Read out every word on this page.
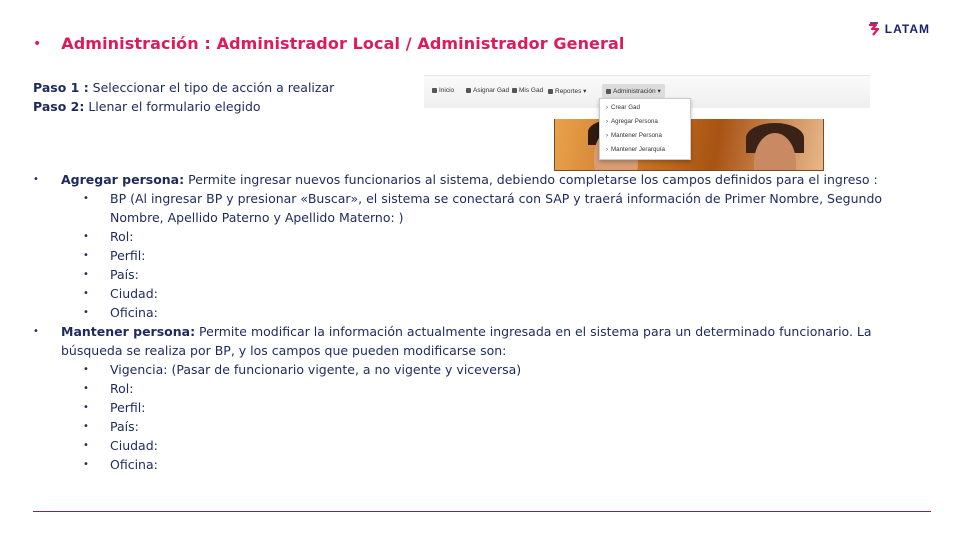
• Administración : Administrador Local / Administrador General
LATAM
Paso 1 : Seleccionar el tipo de acción a realizar
Paso 2: Llenar el formulario elegido
Inicio	Asignar Gad Mis Gad Reportes ▾	Administración ▾
› Crear Gad
› Agregar Persona
› Mantener Persona
› Mantener Jerarquía
• Agregar persona: Permite ingresar nuevos funcionarios al sistema, debiendo completarse los campos definidos para el ingreso :
• BP (Al ingresar BP y presionar «Buscar», el sistema se conectará con SAP y traerá información de Primer Nombre, Segundo Nombre, Apellido Paterno y Apellido Materno: )
• Rol:
• Perfil:
• País:
• Ciudad:
• Oficina:
• Mantener persona: Permite modificar la información actualmente ingresada en el sistema para un determinado funcionario. La búsqueda se realiza por BP, y los campos que pueden modificarse son:
• Vigencia: (Pasar de funcionario vigente, a no vigente y viceversa)
• Rol:
• Perfil:
• País:
• Ciudad:
• Oficina:
